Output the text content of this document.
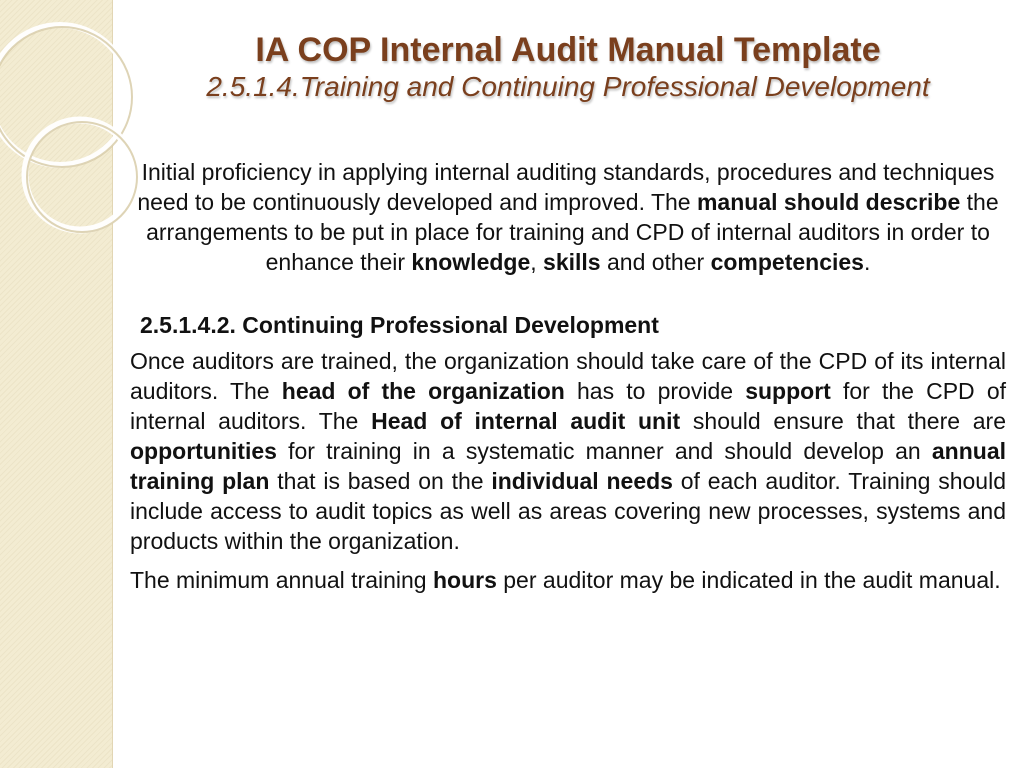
IA COP Internal Audit Manual Template
2.5.1.4.Training and Continuing Professional Development
Initial proficiency in applying internal auditing standards, procedures and techniques need to be continuously developed and improved. The manual should describe the arrangements to be put in place for training and CPD of internal auditors in order to enhance their knowledge, skills and other competencies.
2.5.1.4.2. Continuing Professional Development
Once auditors are trained, the organization should take care of the CPD of its internal auditors. The head of the organization has to provide support for the CPD of internal auditors. The Head of internal audit unit should ensure that there are opportunities for training in a systematic manner and should develop an annual training plan that is based on the individual needs of each auditor. Training should include access to audit topics as well as areas covering new processes, systems and products within the organization.
The minimum annual training hours per auditor may be indicated in the audit manual.
